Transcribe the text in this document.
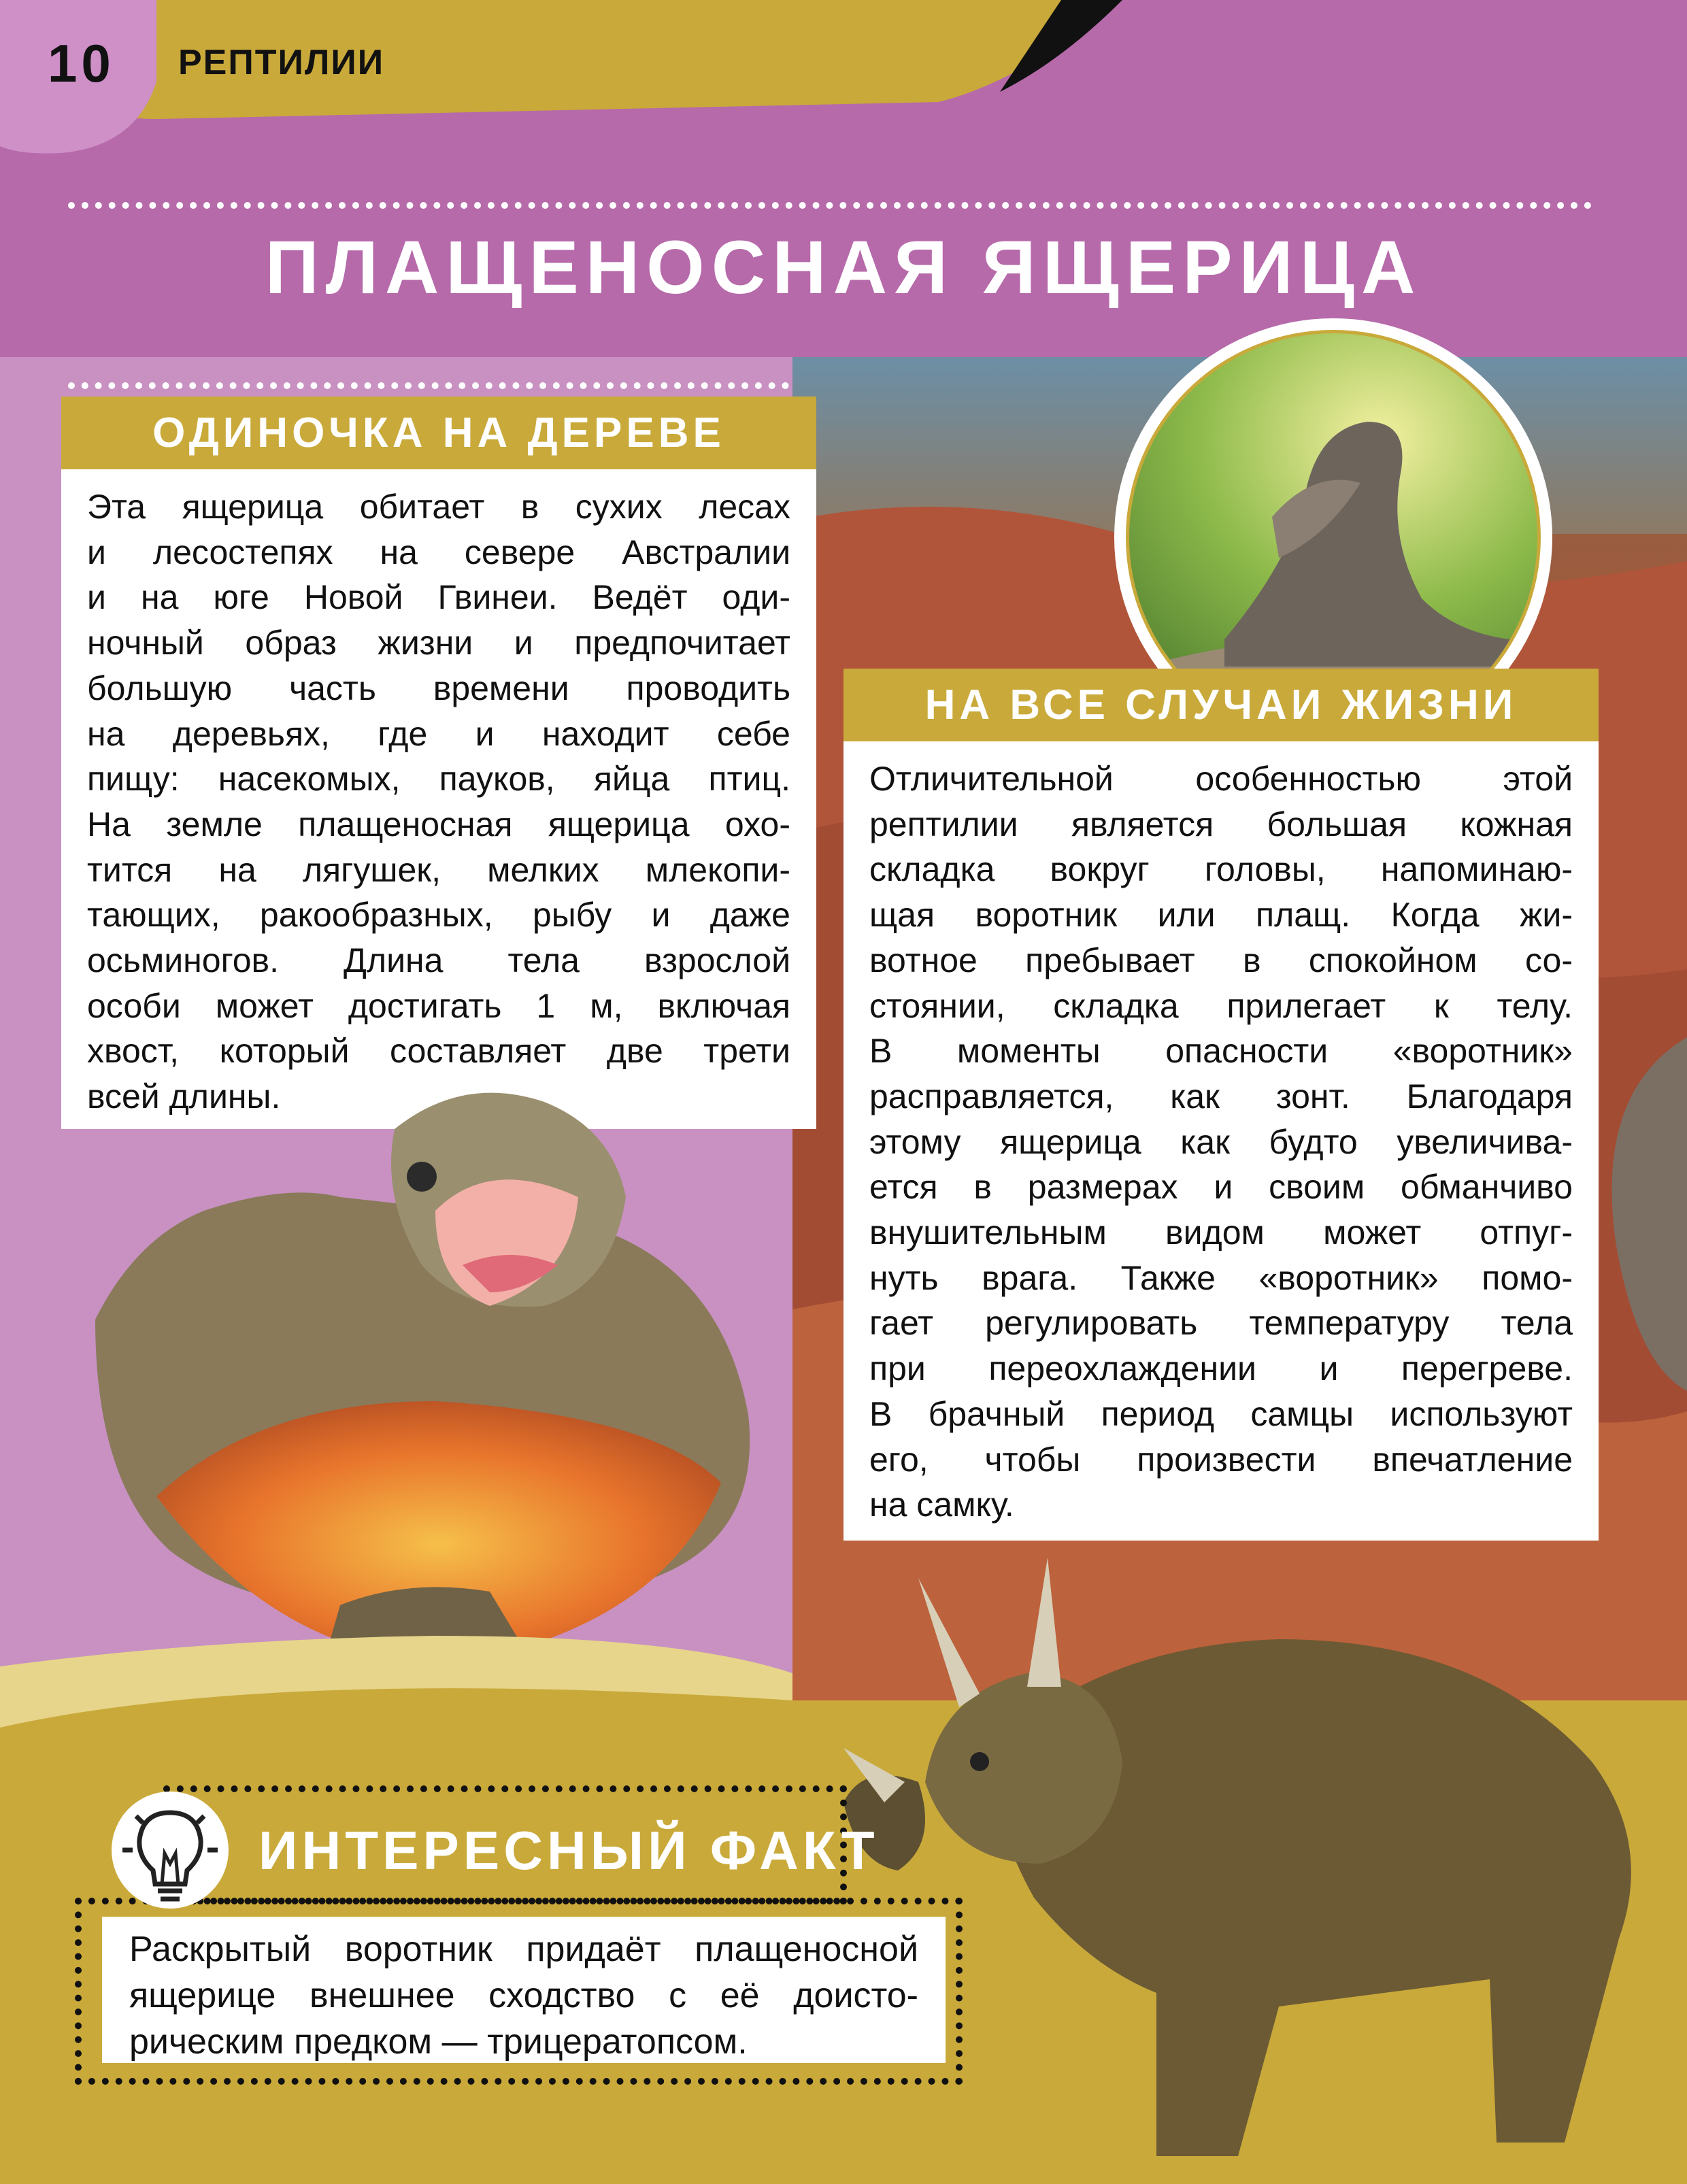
10	РЕПТИЛИИ
ПЛАЩЕНОСНАЯ ЯЩЕРИЦА
ОДИНОЧКА НА ДЕРЕВЕ
Эта ящерица обитает в сухих лесах
и лесостепях на севере Австралии
и на юге Новой Гвинеи. Ведёт оди-
ночный образ жизни и предпочитает
большую часть времени проводить
на деревьях, где и находит себе
пищу: насекомых, пауков, яйца птиц.
На земле плащеносная ящерица охо-
тится на лягушек, мелких млекопи-
тающих, ракообразных, рыбу и даже
осьминогов. Длина тела взрослой
особи может достигать 1 м, включая
хвост, который составляет две трети
всей длины.
НА ВСЕ СЛУЧАИ ЖИЗНИ
Отличительной особенностью этой
рептилии является большая кожная
складка вокруг головы, напоминаю-
щая воротник или плащ. Когда жи-
вотное пребывает в спокойном со-
стоянии, складка прилегает к телу.
В моменты опасности «воротник»
расправляется, как зонт. Благодаря
этому ящерица как будто увеличива-
ется в размерах и своим обманчиво
внушительным видом может отпуг-
нуть врага. Также «воротник» помо-
гает регулировать температуру тела
при переохлаждении и перегреве.
В брачный период самцы используют
его, чтобы произвести впечатление
на самку.
ИНТЕРЕСНЫЙ ФАКТ
Раскрытый воротник придаёт плащеносной
ящерице внешнее сходство с её доисто-
рическим предком — трицератопсом.
